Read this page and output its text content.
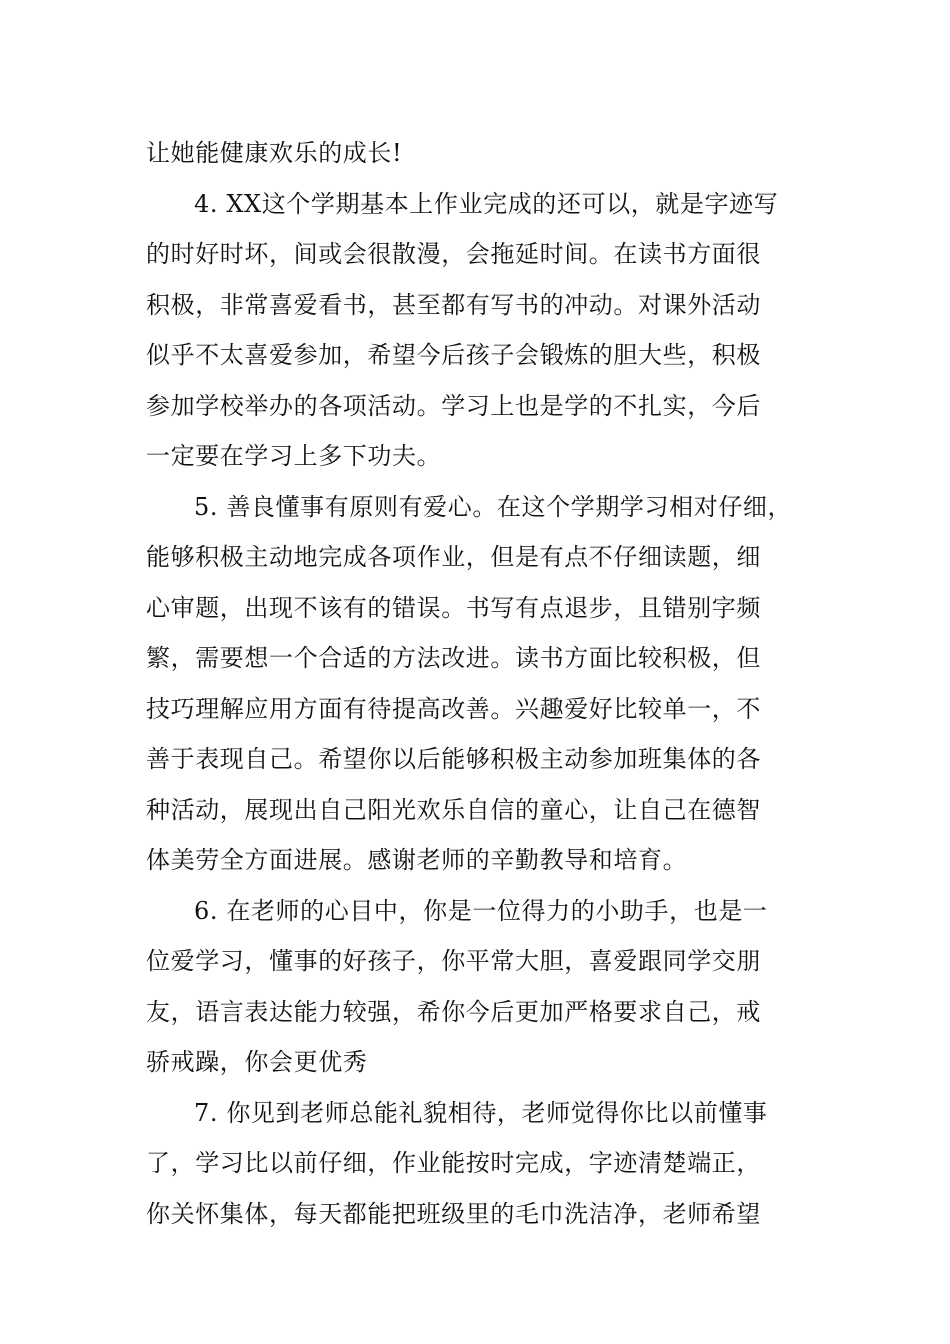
让她能健康欢乐的成长!
4. XX这个学期基本上作业完成的还可以，就是字迹写
的时好时坏，间或会很散漫，会拖延时间。在读书方面很
积极，非常喜爱看书，甚至都有写书的冲动。对课外活动
似乎不太喜爱参加，希望今后孩子会锻炼的胆大些，积极
参加学校举办的各项活动。学习上也是学的不扎实，今后
一定要在学习上多下功夫。
5. 善良懂事有原则有爱心。在这个学期学习相对仔细，
能够积极主动地完成各项作业，但是有点不仔细读题，细
心审题，出现不该有的错误。书写有点退步，且错别字频
繁，需要想一个合适的方法改进。读书方面比较积极，但
技巧理解应用方面有待提高改善。兴趣爱好比较单一，不
善于表现自己。希望你以后能够积极主动参加班集体的各
种活动，展现出自己阳光欢乐自信的童心，让自己在德智
体美劳全方面进展。感谢老师的辛勤教导和培育。
6. 在老师的心目中，你是一位得力的小助手，也是一
位爱学习，懂事的好孩子，你平常大胆，喜爱跟同学交朋
友，语言表达能力较强，希你今后更加严格要求自己，戒
骄戒躁，你会更优秀
7. 你见到老师总能礼貌相待，老师觉得你比以前懂事
了，学习比以前仔细，作业能按时完成，字迹清楚端正，
你关怀集体，每天都能把班级里的毛巾洗洁净，老师希望
